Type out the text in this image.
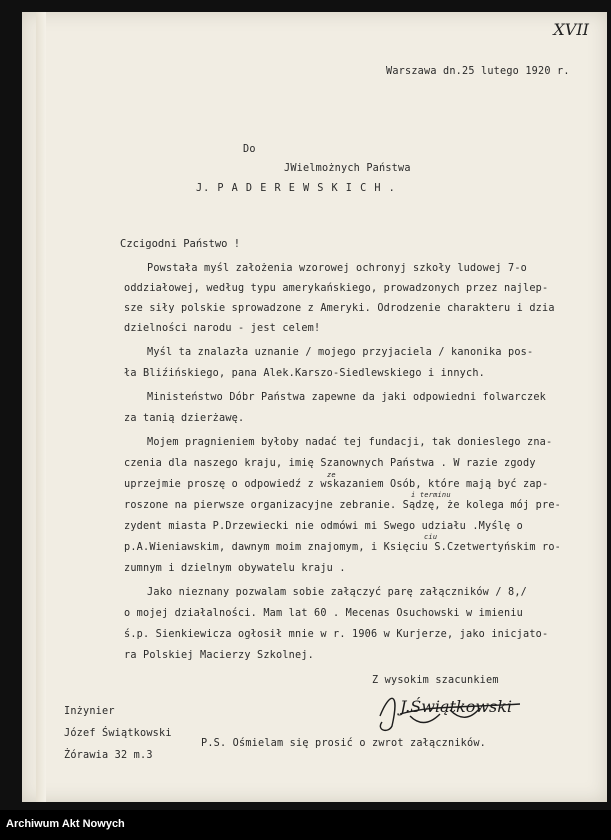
XVII
Warszawa dn.25 lutego 1920 r.
Do
JWielmożnych Państwa
J. P A D E R E W S K I C H .
Czcigodni Państwo !
Powstała myśl założenia wzorowej ochronyj szkoły ludowej 7-o
oddziałowej, według typu amerykańskiego, prowadzonych przez najlep-
sze siły polskie sprowadzone z Ameryki. Odrodzenie charakteru i dzia
dzielności narodu - jest celem!
Myśl ta znalazła uznanie / mojego przyjaciela / kanonika pos-
ła Bliźińskiego, pana Alek.Karszo-Siedlewskiego i innych.
Ministeństwo Dóbr Państwa zapewne da jaki odpowiedni folwarczek
za tanią dzierżawę.
Mojem pragnieniem byłoby nadać tej fundacji, tak donieslego zna-
czenia dla naszego kraju, imię Szanownych Państwa . W razie zgody
uprzejmie proszę o odpowiedź z wskazaniem Osób, które mają być zap-
roszone na pierwsze organizacyjne zebranie. Sądzę, że kolega mój pre-
zydent miasta P.Drzewiecki nie odmówi mi Swego udziału .Myślę o
p.A.Wieniawskim, dawnym moim znajomym, i Księciu S.Czetwertyńskim ro-
zumnym i dzielnym obywatelu kraju .
Jako nieznany pozwalam sobie załączyć parę załączników / 8,/
o mojej działalności. Mam lat 60 . Mecenas Osuchowski w imieniu
ś.p. Sienkiewicza ogłosił mnie w r. 1906 w Kurjerze, jako inicjato-
ra Polskiej Macierzy Szkolnej.
ze
i terminu
ciu
Z wysokim szacunkiem
J.Świątkowski
Inżynier
Józef Świątkowski
Żórawia 32 m.3
P.S. Ośmielam się prosić o zwrot załączników.
Archiwum Akt Nowych
